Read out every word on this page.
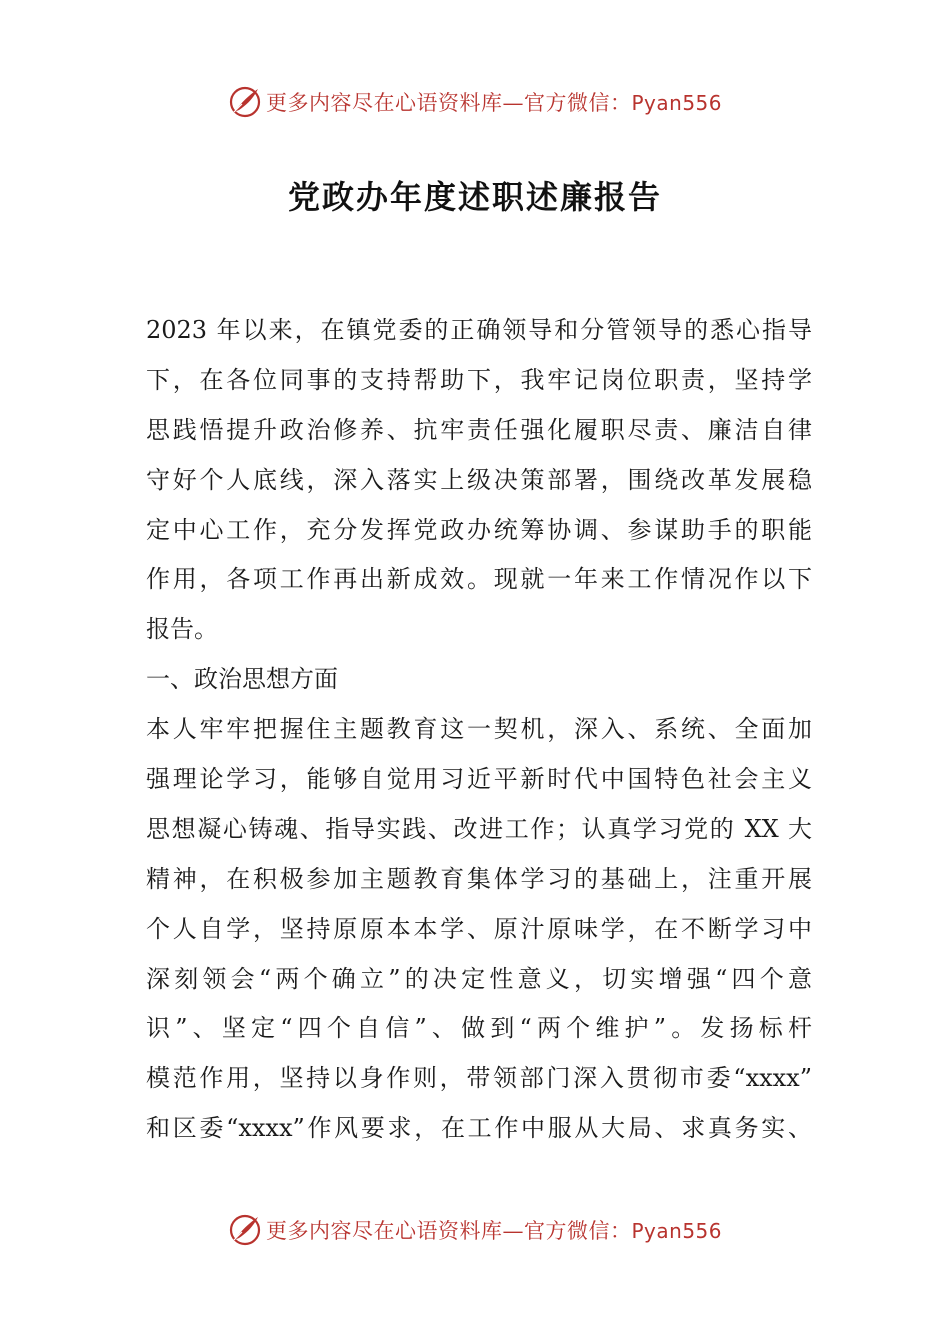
更多内容尽在心语资料库—官方微信：Pyan556
党政办年度述职述廉报告
2023 年以来，在镇党委的正确领导和分管领导的悉心指导
下，在各位同事的支持帮助下，我牢记岗位职责，坚持学
思践悟提升政治修养、抗牢责任强化履职尽责、廉洁自律
守好个人底线，深入落实上级决策部署，围绕改革发展稳
定中心工作，充分发挥党政办统筹协调、参谋助手的职能
作用，各项工作再出新成效。现就一年来工作情况作以下
报告。
一、政治思想方面
本人牢牢把握住主题教育这一契机，深入、系统、全面加
强理论学习，能够自觉用习近平新时代中国特色社会主义
思想凝心铸魂、指导实践、改进工作；认真学习党的 XX 大
精神，在积极参加主题教育集体学习的基础上，注重开展
个人自学，坚持原原本本学、原汁原味学，在不断学习中
深刻领会“两个确立”的决定性意义，切实增强“四个意
识”、坚定“四个自信”、做到“两个维护”。发扬标杆
模范作用，坚持以身作则，带领部门深入贯彻市委“xxxx”
和区委“xxxx”作风要求，在工作中服从大局、求真务实、
更多内容尽在心语资料库—官方微信：Pyan556
